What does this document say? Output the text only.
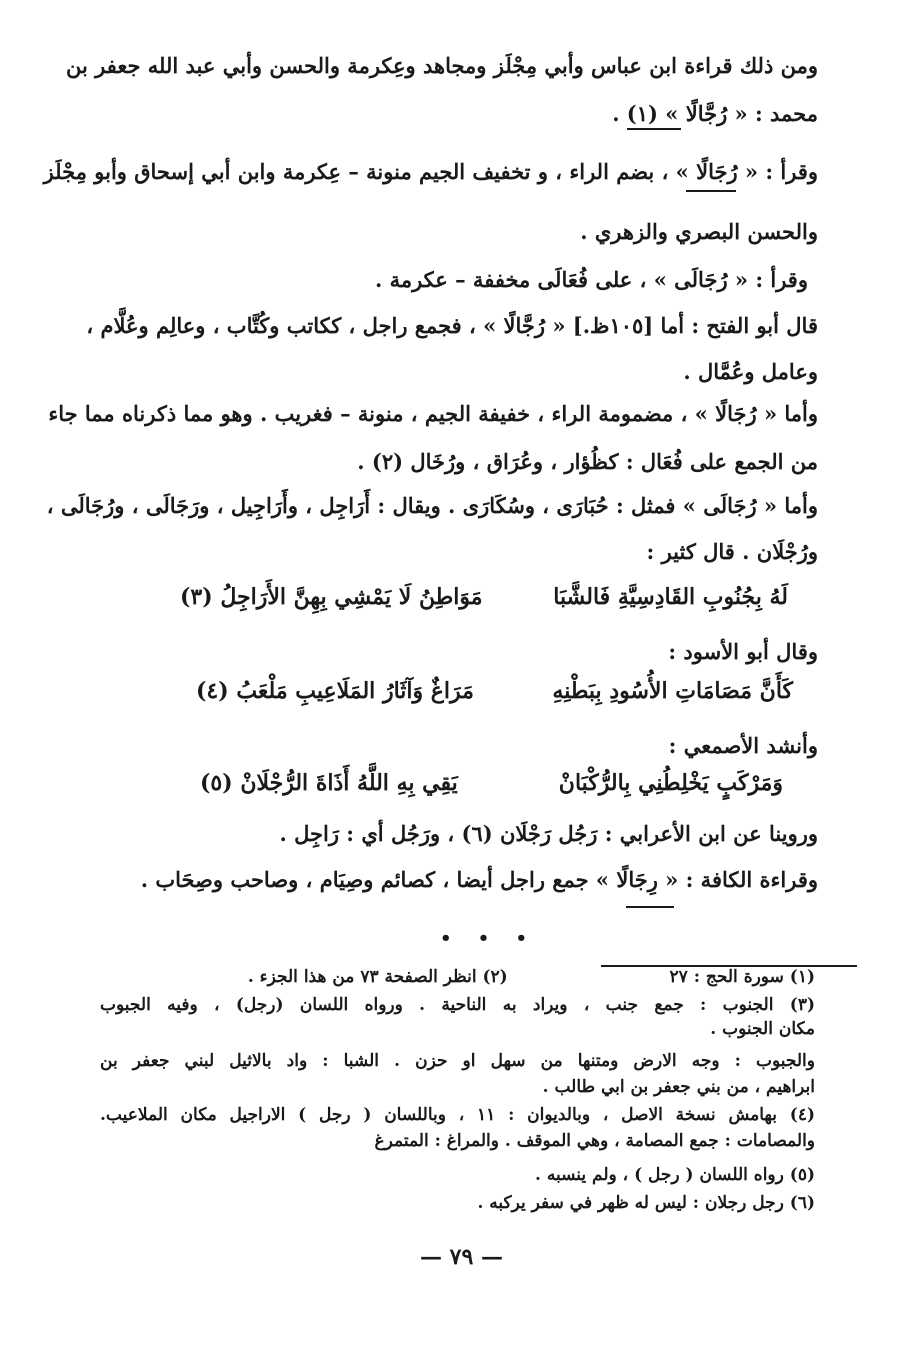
ومن ذلك قراءة ابن عباس وأبي مِجْلَز ومجاهد وعِكرمة والحسن وأبي عبد الله جعفر بن
محمد : « رُجَّالًا » (١) .
وقرأ : « رُجَالًا » ، بضم الراء ، و تخفيف الجيم منونة – عِكرمة وابن أبي إسحاق وأبو مِجْلَز
والحسن البصري والزهري .
وقرأ : « رُجَالَى » ، على فُعَالَى مخففة – عكرمة .
قال أبو الفتح : أما [١٠٥ظ.] « رُجَّالًا » ، فجمع راجل ، ككاتب وكُتَّاب ، وعالِم وعُلَّام ،
وعامل وعُمَّال .
وأما « رُجَالًا » ، مضمومة الراء ، خفيفة الجيم ، منونة – فغريب . وهو مما ذكرناه مما جاء
من الجمع على فُعَال : كظُؤار ، وعُرَاق ، ورُخَال (٢) .
وأما « رُجَالَى » فمثل : حُبَارَى ، وسُكَارَى . ويقال : أَرَاجِل ، وأَرَاجِيل ، ورَجَالَى ، ورُجَالَى ،
ورُجْلَان . قال كثير :
لَهُ بِجُنُوبِ القَادِسِيَّةِ فَالشَّبَا
مَوَاطِنُ لَا يَمْشِي بِهِنَّ الأَرَاجِلُ (٣)
وقال أبو الأسود :
كَأَنَّ مَصَامَاتِ الأُسُودِ بِبَطْنِهِ
مَرَاغٌ وَآثَارُ المَلَاعِيبِ مَلْعَبُ (٤)
وأنشد الأصمعي :
وَمَرْكَبٍ يَخْلِطُنِي بِالرُّكْبَانْ
يَقِي بِهِ اللَّهُ أَذَاةَ الرُّجْلَانْ (٥)
وروينا عن ابن الأعرابي : رَجُل رَجْلَان (٦) ، ورَجُل أي : رَاجِل .
وقراءة الكافة : « رِجَالًا » جمع راجل أيضا ، كصائم وصِيَام ، وصاحب وصِحَاب .
• • •
(١) سورة الحج : ٢٧  (٢) انظر الصفحة ٧٣ من هذا الجزء .
(٣) الجنوب : جمع جنب ، ويراد به الناحية . ورواه اللسان (رجل) ، وفيه الجبوب
مكان الجنوب .
والجبوب : وجه الارض ومتنها من سهل او حزن . الشبا : واد بالاثيل لبني جعفر بن
ابراهيم ، من بني جعفر بن ابي طالب .
(٤) بهامش نسخة الاصل ، وبالديوان : ١١ ، وباللسان ( رجل ) الاراجيل مكان الملاعيب.
والمصامات : جمع المصامة ، وهي الموقف . والمراغ : المتمرغ
(٥) رواه اللسان ( رجل ) ، ولم ينسبه .
(٦) رجل رجلان : ليس له ظهر في سفر يركبه .
— ٧٩ —
